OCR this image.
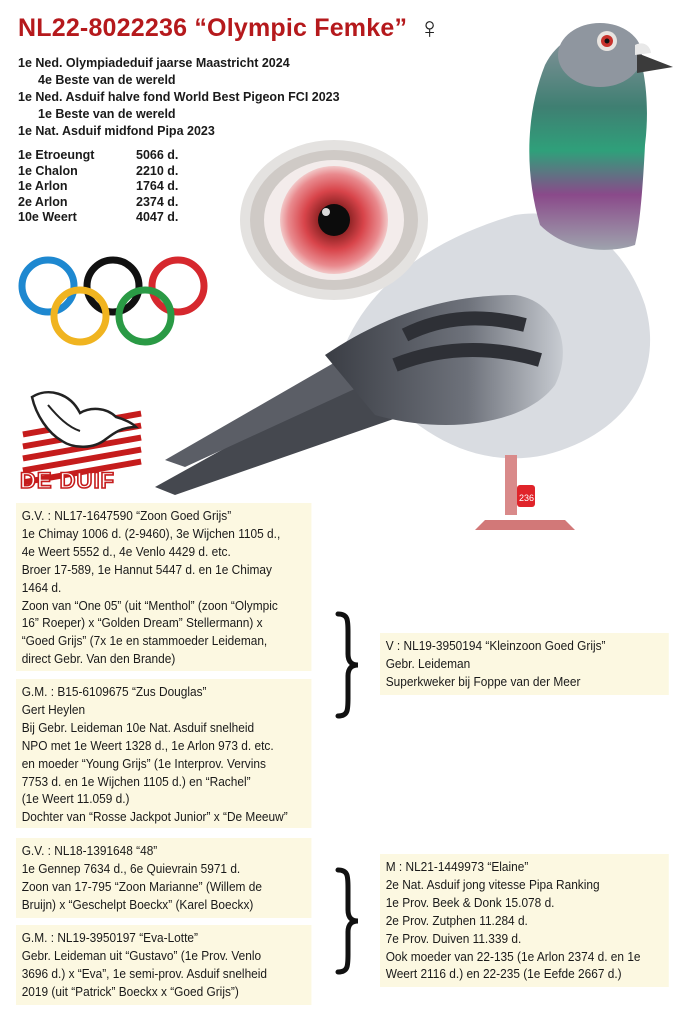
NL22-8022236 “Olympic Femke” ♀
1e Ned. Olympiadeduif jaarse Maastricht 2024
4e Beste van de wereld
1e Ned. Asduif halve fond World Best Pigeon FCI 2023
1e Beste van de wereld
1e Nat. Asduif midfond Pipa 2023
1e Etroeungt	5066 d.
1e Chalon	2210 d.
1e Arlon	1764 d.
2e Arlon	2374 d.
10e Weert	4047 d.
DE DUIF
236
G.V. : NL17-1647590 “Zoon Goed Grijs”
1e Chimay 1006 d. (2-9460), 3e Wijchen 1105 d.,
4e Weert 5552 d., 4e Venlo 4429 d. etc.
Broer 17-589, 1e Hannut 5447 d. en 1e Chimay
1464 d.
Zoon van “One 05” (uit “Menthol” (zoon “Olympic
16” Roeper) x “Golden Dream” Stellermann) x
“Goed Grijs” (7x 1e en stammoeder Leideman,
direct Gebr. Van den Brande)
G.M. : B15-6109675 “Zus Douglas”
Gert Heylen
Bij Gebr. Leideman 10e Nat. Asduif snelheid
NPO met 1e Weert 1328 d., 1e Arlon 973 d. etc.
en moeder “Young Grijs” (1e Interprov. Vervins
7753 d. en 1e Wijchen 1105 d.) en “Rachel”
(1e Weert 11.059 d.)
Dochter van “Rosse Jackpot Junior” x “De Meeuw”
V : NL19-3950194 “Kleinzoon Goed Grijs”
Gebr. Leideman
Superkweker bij Foppe van der Meer
G.V. : NL18-1391648 “48”
1e Gennep 7634 d., 6e Quievrain 5971 d.
Zoon van 17-795 “Zoon Marianne” (Willem de
Bruijn) x “Geschelpt Boeckx” (Karel Boeckx)
G.M. : NL19-3950197 “Eva-Lotte”
Gebr. Leideman uit “Gustavo” (1e Prov. Venlo
3696 d.) x “Eva”, 1e semi-prov. Asduif snelheid
2019 (uit “Patrick” Boeckx x “Goed Grijs”)
M : NL21-1449973 “Elaine”
2e Nat. Asduif jong vitesse Pipa Ranking
1e Prov. Beek & Donk 15.078 d.
2e Prov. Zutphen 11.284 d.
7e Prov. Duiven 11.339 d.
Ook moeder van 22-135 (1e Arlon 2374 d. en 1e
Weert 2116 d.) en 22-235 (1e Eefde 2667 d.)
